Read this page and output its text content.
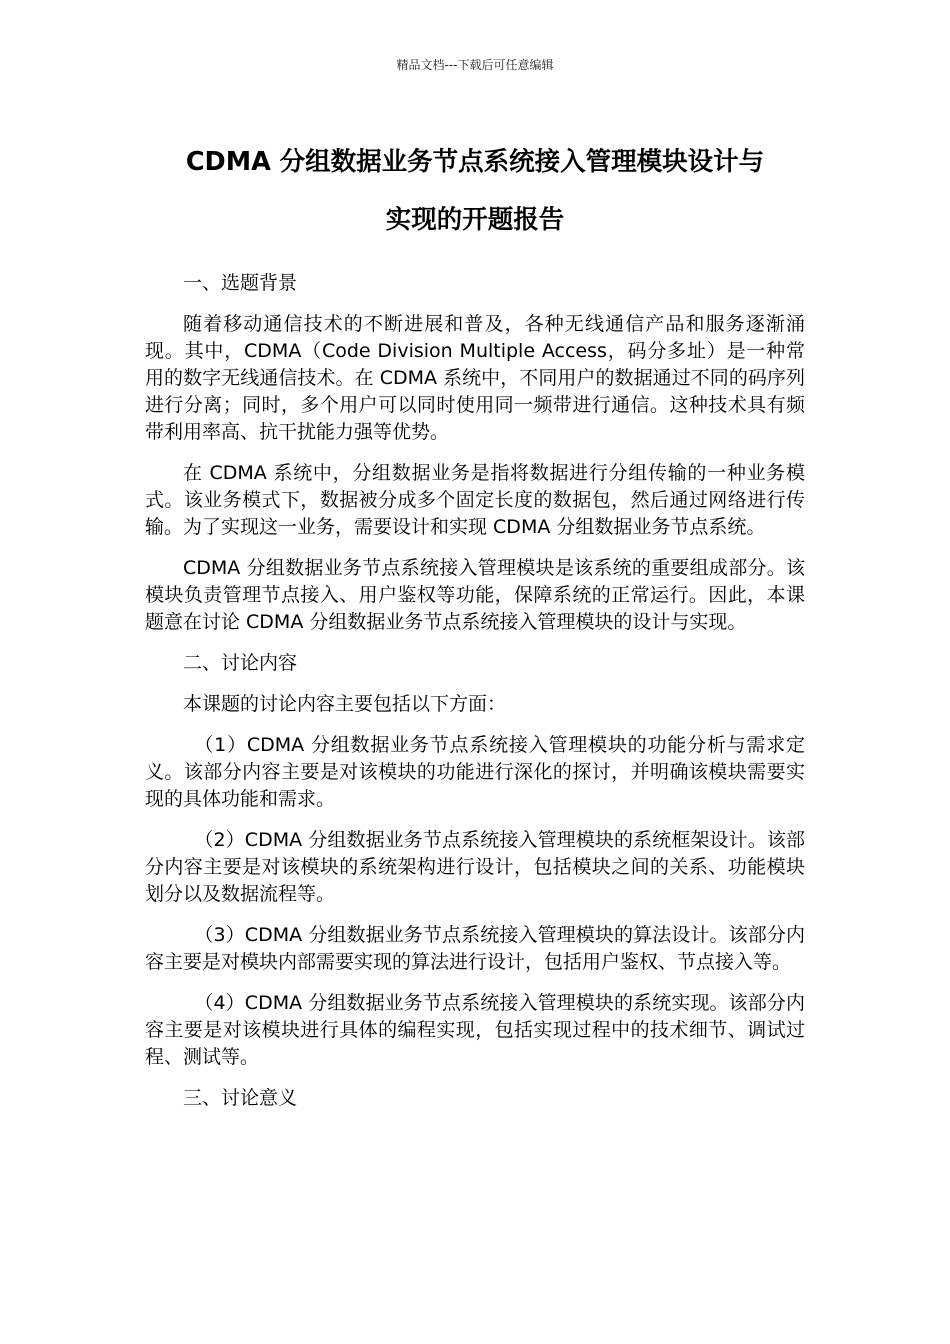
精品文档---下载后可任意编辑
CDMA 分组数据业务节点系统接入管理模块设计与
实现的开题报告

一、选题背景

随着移动通信技术的不断进展和普及，各种无线通信产品和服务逐渐涌现。其中，CDMA（Code Division Multiple Access，码分多址）是一种常用的数字无线通信技术。在 CDMA 系统中，不同用户的数据通过不同的码序列进行分离；同时，多个用户可以同时使用同一频带进行通信。这种技术具有频带利用率高、抗干扰能力强等优势。

在 CDMA 系统中，分组数据业务是指将数据进行分组传输的一种业务模式。该业务模式下，数据被分成多个固定长度的数据包，然后通过网络进行传输。为了实现这一业务，需要设计和实现 CDMA 分组数据业务节点系统。

CDMA 分组数据业务节点系统接入管理模块是该系统的重要组成部分。该模块负责管理节点接入、用户鉴权等功能，保障系统的正常运行。因此，本课题意在讨论 CDMA 分组数据业务节点系统接入管理模块的设计与实现。

二、讨论内容

本课题的讨论内容主要包括以下方面：

（1）CDMA 分组数据业务节点系统接入管理模块的功能分析与需求定义。该部分内容主要是对该模块的功能进行深化的探讨，并明确该模块需要实现的具体功能和需求。

（2）CDMA 分组数据业务节点系统接入管理模块的系统框架设计。该部分内容主要是对该模块的系统架构进行设计，包括模块之间的关系、功能模块划分以及数据流程等。

（3）CDMA 分组数据业务节点系统接入管理模块的算法设计。该部分内容主要是对模块内部需要实现的算法进行设计，包括用户鉴权、节点接入等。

（4）CDMA 分组数据业务节点系统接入管理模块的系统实现。该部分内容主要是对该模块进行具体的编程实现，包括实现过程中的技术细节、调试过程、测试等。

三、讨论意义
